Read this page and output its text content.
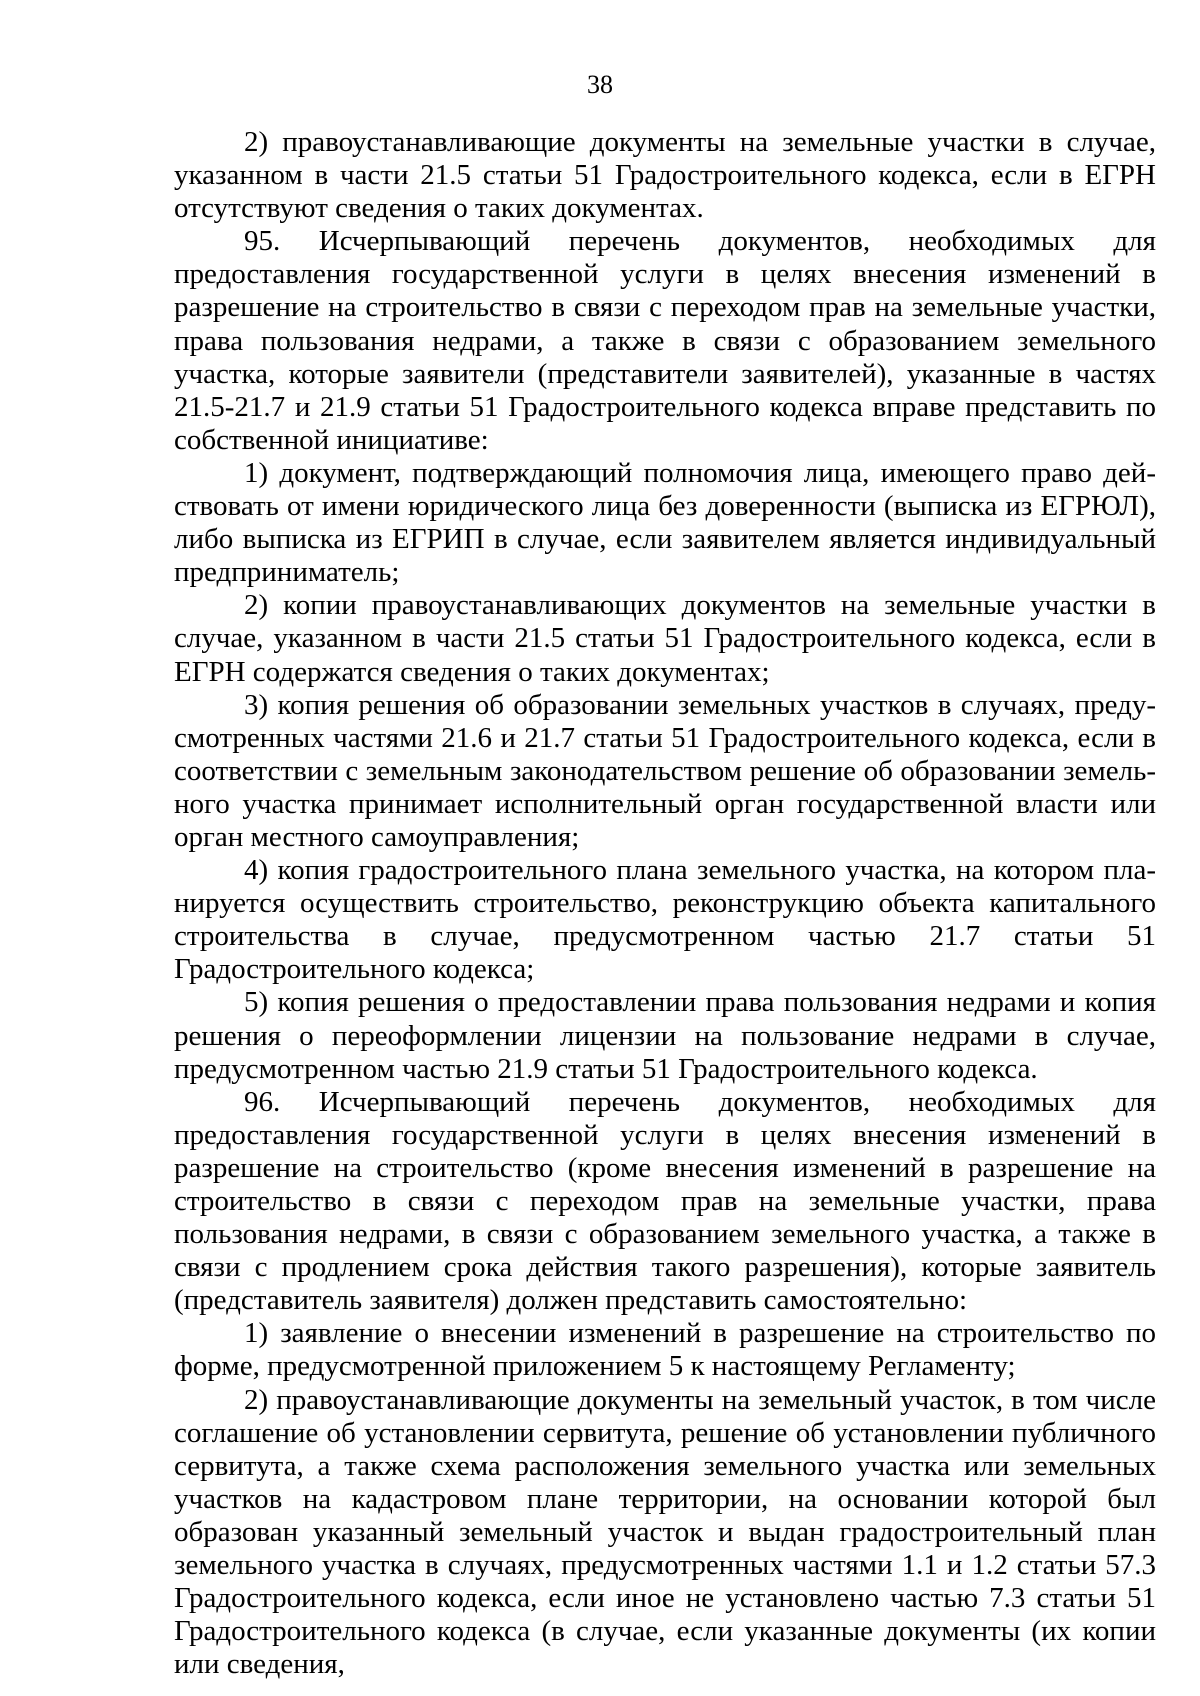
38

2) правоустанавливающие документы на земельные участки в случае, указанном в части 21.5 статьи 51 Градостроительного кодекса, если в ЕГРН отсутствуют сведения о таких документах.

95. Исчерпывающий перечень документов, необходимых для предоставления государственной услуги в целях внесения изменений в разрешение на строительство в связи с переходом прав на земельные участки, права пользования недрами, а также в связи с образованием земельного участка, которые заявители (представители заявителей), указанные в частях 21.5-21.7 и 21.9 статьи 51 Градостроительного кодекса вправе представить по собственной инициативе:

1) документ, подтверждающий полномочия лица, имеющего право действовать от имени юридического лица без доверенности (выписка из ЕГРЮЛ), либо выписка из ЕГРИП в случае, если заявителем является индивидуальный предприниматель;

2) копии правоустанавливающих документов на земельные участки в случае, указанном в части 21.5 статьи 51 Градостроительного кодекса, если в ЕГРН содержатся сведения о таких документах;

3) копия решения об образовании земельных участков в случаях, предусмотренных частями 21.6 и 21.7 статьи 51 Градостроительного кодекса, если в соответствии с земельным законодательством решение об образовании земельного участка принимает исполнительный орган государственной власти или орган местного самоуправления;

4) копия градостроительного плана земельного участка, на котором планируется осуществить строительство, реконструкцию объекта капитального строительства в случае, предусмотренном частью 21.7 статьи 51 Градостроительного кодекса;

5) копия решения о предоставлении права пользования недрами и копия решения о переоформлении лицензии на пользование недрами в случае, предусмотренном частью 21.9 статьи 51 Градостроительного кодекса.

96. Исчерпывающий перечень документов, необходимых для предоставления государственной услуги в целях внесения изменений в разрешение на строительство (кроме внесения изменений в разрешение на строительство в связи с переходом прав на земельные участки, права пользования недрами, в связи с образованием земельного участка, а также в связи с продлением срока действия такого разрешения), которые заявитель (представитель заявителя) должен представить самостоятельно:

1) заявление о внесении изменений в разрешение на строительство по форме, предусмотренной приложением 5 к настоящему Регламенту;

2) правоустанавливающие документы на земельный участок, в том числе соглашение об установлении сервитута, решение об установлении публичного сервитута, а также схема расположения земельного участка или земельных участков на кадастровом плане территории, на основании которой был образован указанный земельный участок и выдан градостроительный план земельного участка в случаях, предусмотренных частями 1.1 и 1.2 статьи 57.3 Градостроительного кодекса, если иное не установлено частью 7.3 статьи 51 Градостроительного кодекса (в случае, если указанные документы (их копии или сведения,
